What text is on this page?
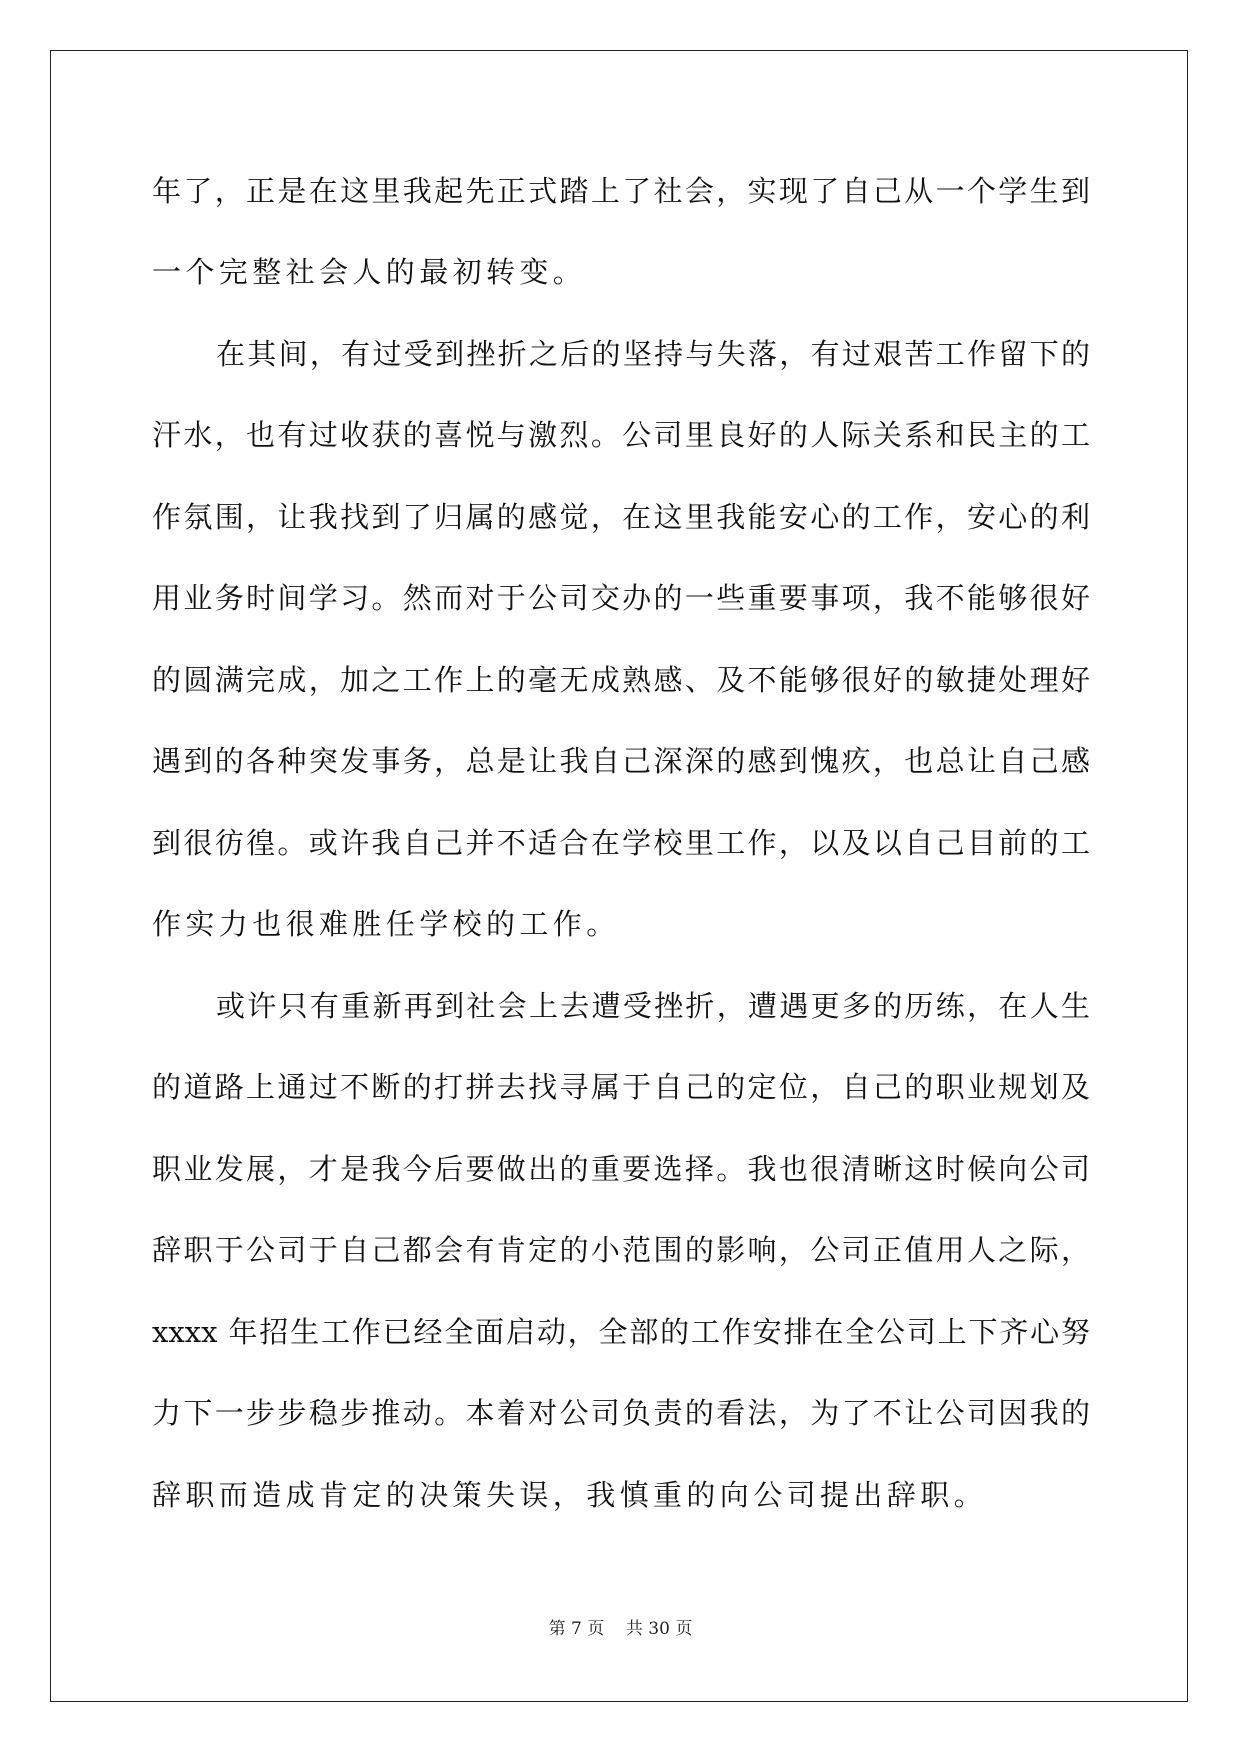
年了，正是在这里我起先正式踏上了社会，实现了自己从一个学生到
一个完整社会人的最初转变。
在其间，有过受到挫折之后的坚持与失落，有过艰苦工作留下的
汗水，也有过收获的喜悦与激烈。公司里良好的人际关系和民主的工
作氛围，让我找到了归属的感觉，在这里我能安心的工作，安心的利
用业务时间学习。然而对于公司交办的一些重要事项，我不能够很好
的圆满完成，加之工作上的毫无成熟感、及不能够很好的敏捷处理好
遇到的各种突发事务，总是让我自己深深的感到愧疚，也总让自己感
到很彷徨。或许我自己并不适合在学校里工作，以及以自己目前的工
作实力也很难胜任学校的工作。
或许只有重新再到社会上去遭受挫折，遭遇更多的历练，在人生
的道路上通过不断的打拼去找寻属于自己的定位，自己的职业规划及
职业发展，才是我今后要做出的重要选择。我也很清晰这时候向公司
辞职于公司于自己都会有肯定的小范围的影响，公司正值用人之际，
xxxx 年招生工作已经全面启动，全部的工作安排在全公司上下齐心努
力下一步步稳步推动。本着对公司负责的看法，为了不让公司因我的
辞职而造成肯定的决策失误，我慎重的向公司提出辞职。
第 7 页 共 30 页
